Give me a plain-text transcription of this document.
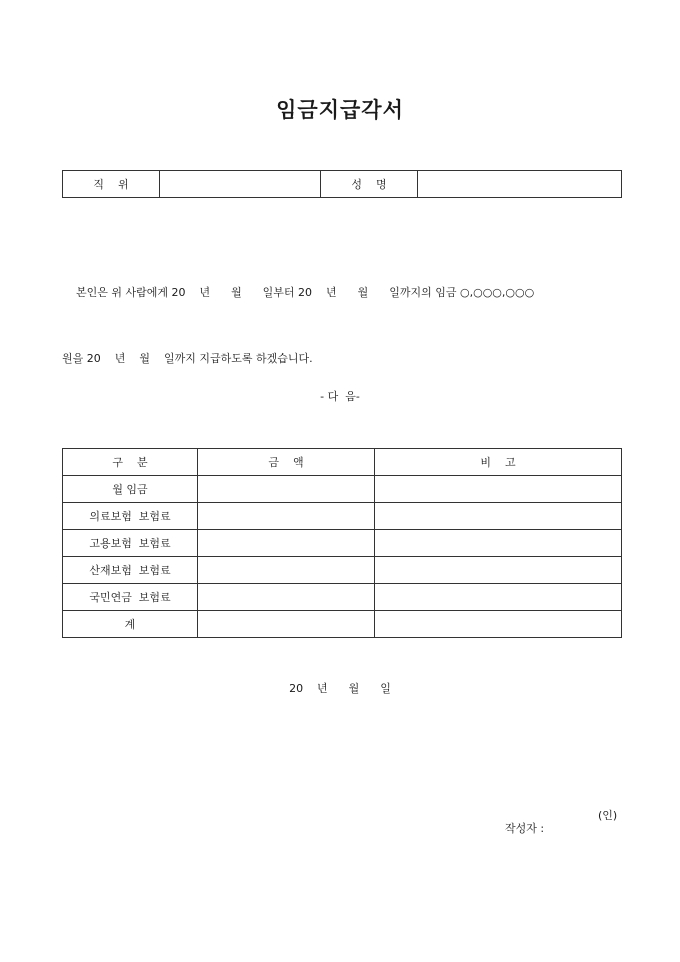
임금지급각서
직    위		성    명	

본인은 위 사람에게 20    년      월      일부터 20    년      월      일까지의 임금 ○,○○○,○○○

원을 20    년    월    일까지 지급하도록 하겠습니다.

- 다  음-
구    분	금    액	비    고
월 임금		
의료보험  보험료		
고용보험  보험료		
산재보험  보험료		
국민연금  보험료		
계		
20    년      월      일

작성자 :

(인)
